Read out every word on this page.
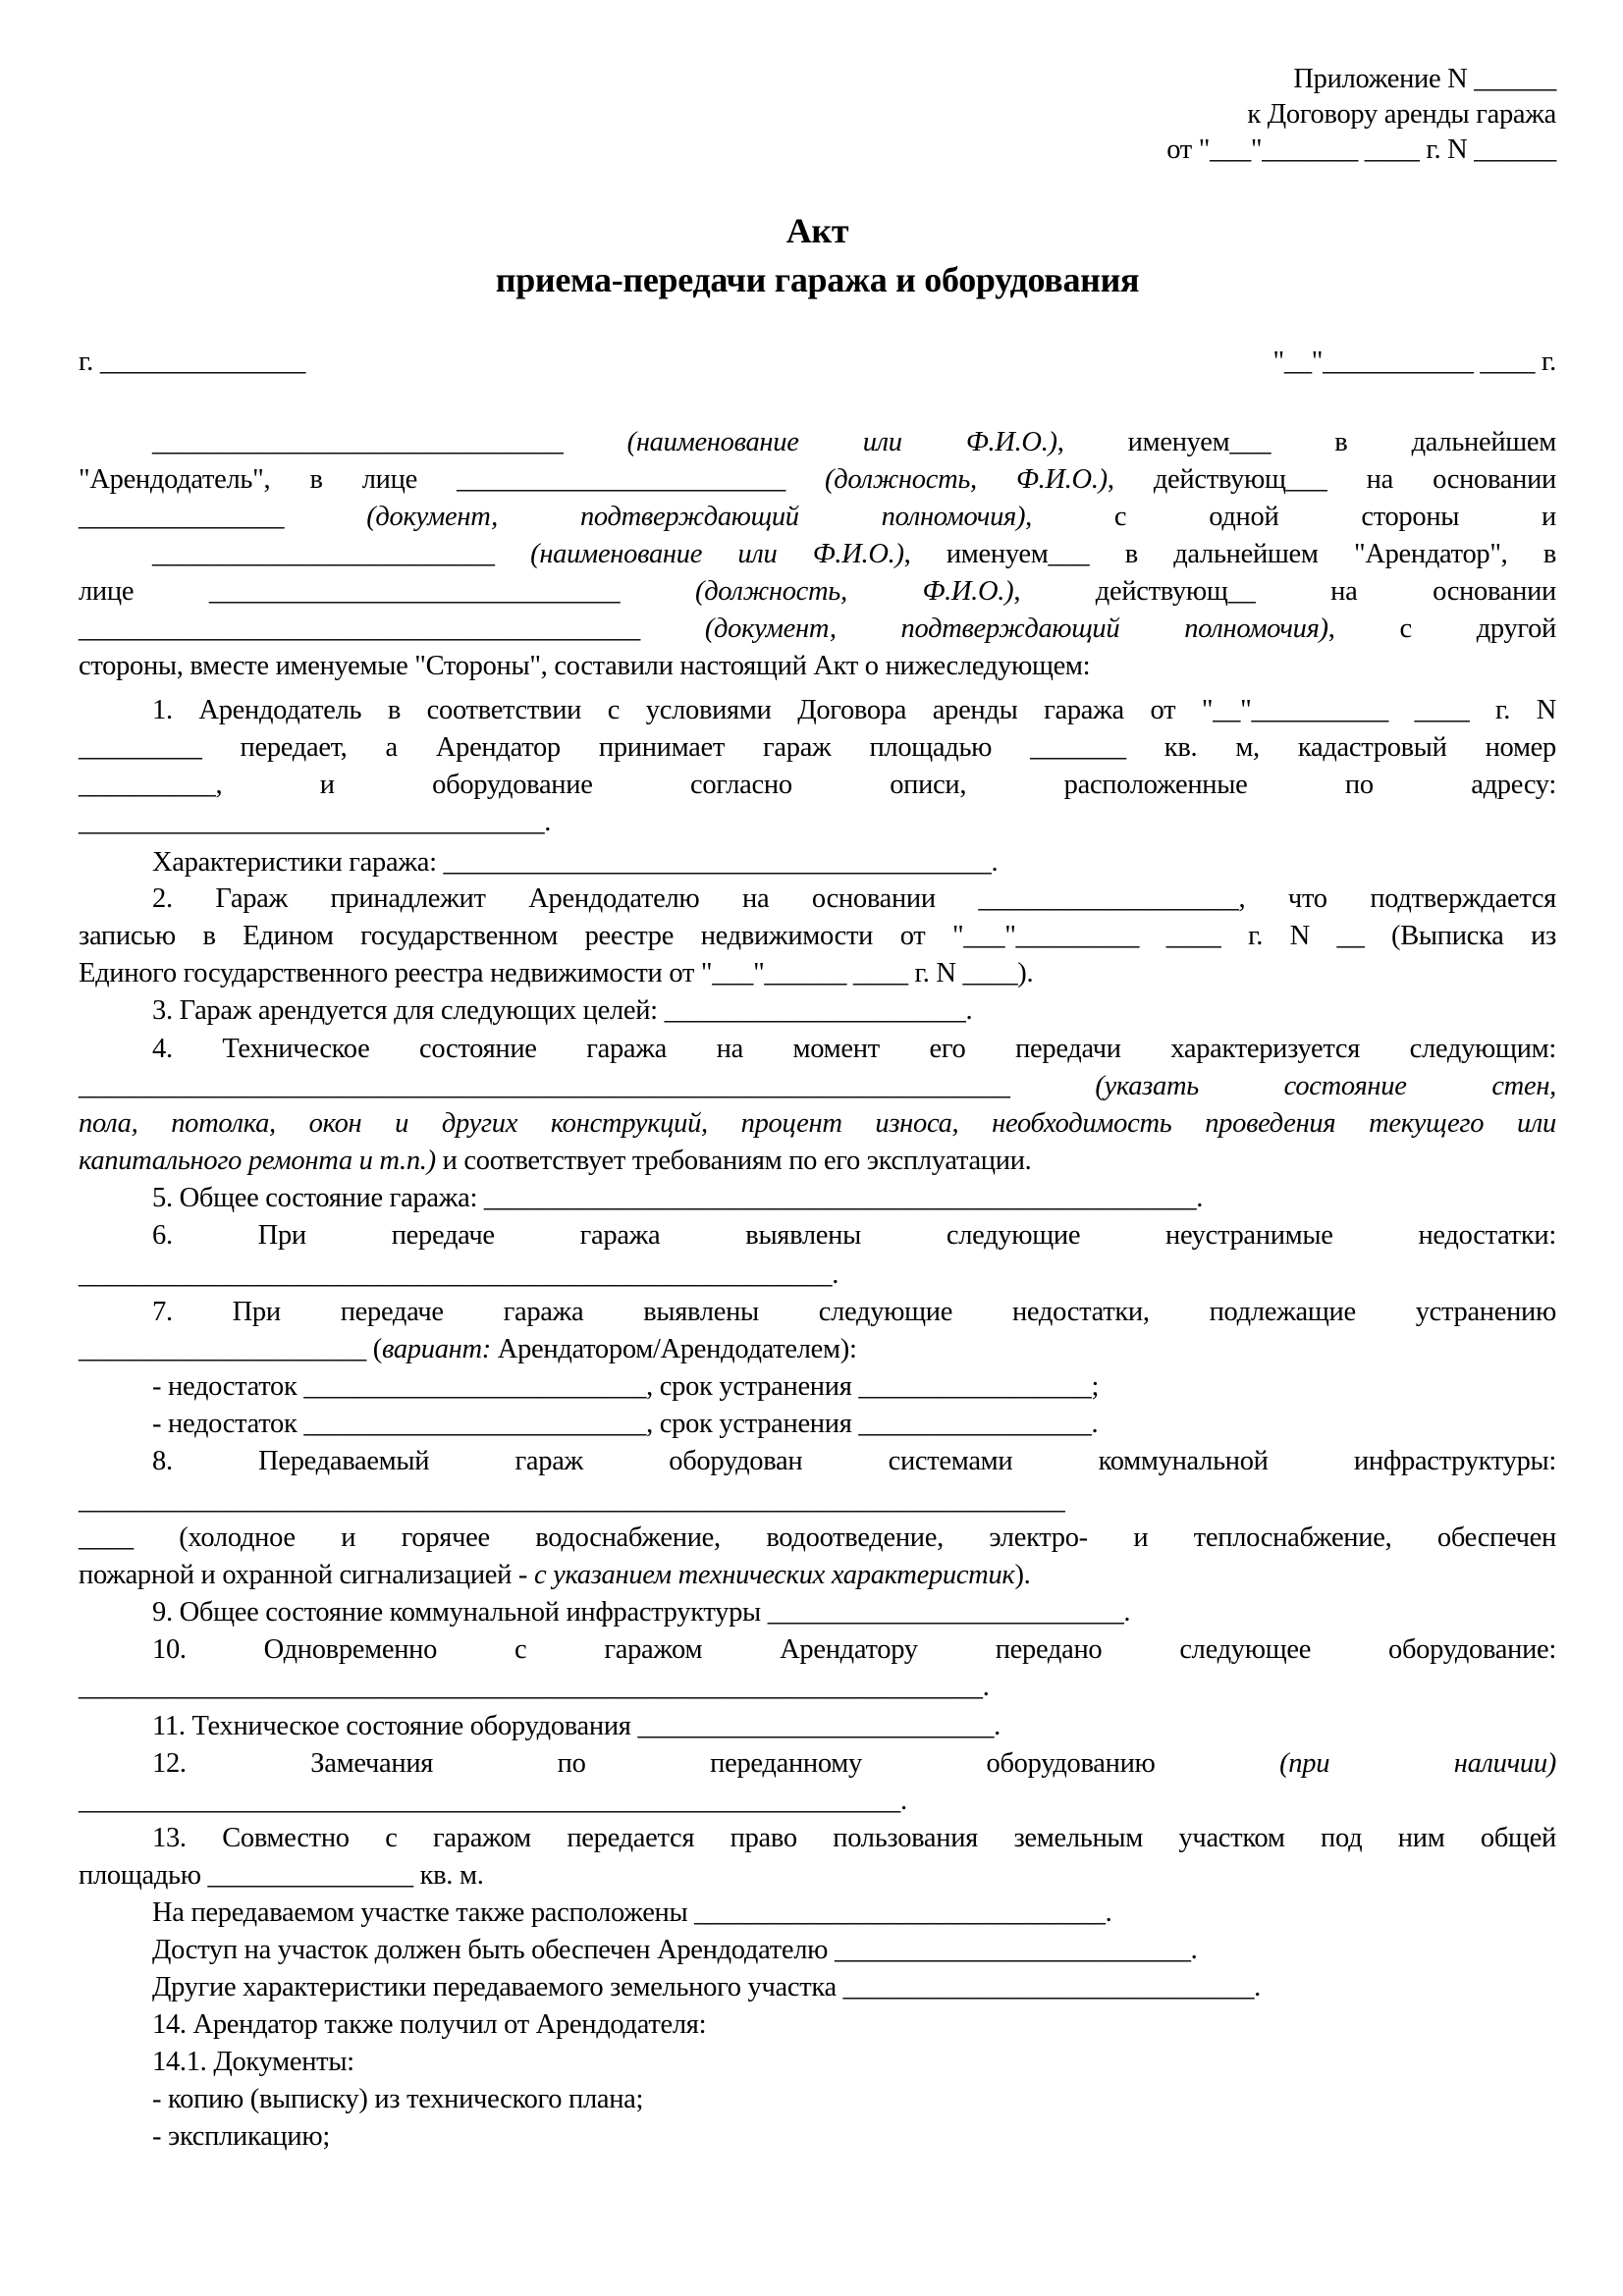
Приложение N ______
к Договору аренды гаража
от "___"_______ ____ г. N ______
Акт
приема-передачи гаража и оборудования
г. _______________	"__"___________ ____ г.
______________________________ (наименование или Ф.И.О.), именуем___ в дальнейшем
"Арендодатель", в лице ________________________ (должность, Ф.И.О.), действующ___ на основании
_______________ (документ, подтверждающий полномочия), с одной стороны и
_________________________ (наименование или Ф.И.О.), именуем___ в дальнейшем "Арендатор", в
лице ______________________________ (должность, Ф.И.О.), действующ__ на основании
_________________________________________ (документ, подтверждающий полномочия), с другой
стороны, вместе именуемые "Стороны", составили настоящий Акт о нижеследующем:
1. Арендодатель в соответствии с условиями Договора аренды гаража от "__"__________ ____ г. N
_________ передает, а Арендатор принимает гараж площадью _______ кв. м, кадастровый номер
__________, и оборудование согласно описи, расположенные по адресу:
__________________________________.
Характеристики гаража: ________________________________________.
2. Гараж принадлежит Арендодателю на основании ___________________, что подтверждается
записью в Едином государственном реестре недвижимости от "___"_________ ____ г. N __ (Выписка из
Единого государственного реестра недвижимости от "___"______ ____ г. N ____).
3. Гараж арендуется для следующих целей: ______________________.
4. Техническое состояние гаража на момент его передачи характеризуется следующим:
____________________________________________________________________ (указать состояние стен,
пола, потолка, окон и других конструкций, процент износа, необходимость проведения текущего или
капитального ремонта и т.п.) и соответствует требованиям по его эксплуатации.
5. Общее состояние гаража: ____________________________________________________.
6. При передаче гаража выявлены следующие неустранимые недостатки:
_______________________________________________________.
7. При передаче гаража выявлены следующие недостатки, подлежащие устранению
_____________________ (вариант: Арендатором/Арендодателем):
- недостаток _________________________, срок устранения _________________;
- недостаток _________________________, срок устранения _________________.
8. Передаваемый гараж оборудован системами коммунальной инфраструктуры:
________________________________________________________________________
____ (холодное и горячее водоснабжение, водоотведение, электро- и теплоснабжение, обеспечен
пожарной и охранной сигнализацией - с указанием технических характеристик).
9. Общее состояние коммунальной инфраструктуры __________________________.
10. Одновременно с гаражом Арендатору передано следующее оборудование:
__________________________________________________________________.
11. Техническое состояние оборудования __________________________.
12. Замечания по переданному оборудованию (при наличии)
____________________________________________________________.
13. Совместно с гаражом передается право пользования земельным участком под ним общей
площадью _______________ кв. м.
На передаваемом участке также расположены ______________________________.
Доступ на участок должен быть обеспечен Арендодателю __________________________.
Другие характеристики передаваемого земельного участка ______________________________.
14. Арендатор также получил от Арендодателя:
14.1. Документы:
- копию (выписку) из технического плана;
- экспликацию;
